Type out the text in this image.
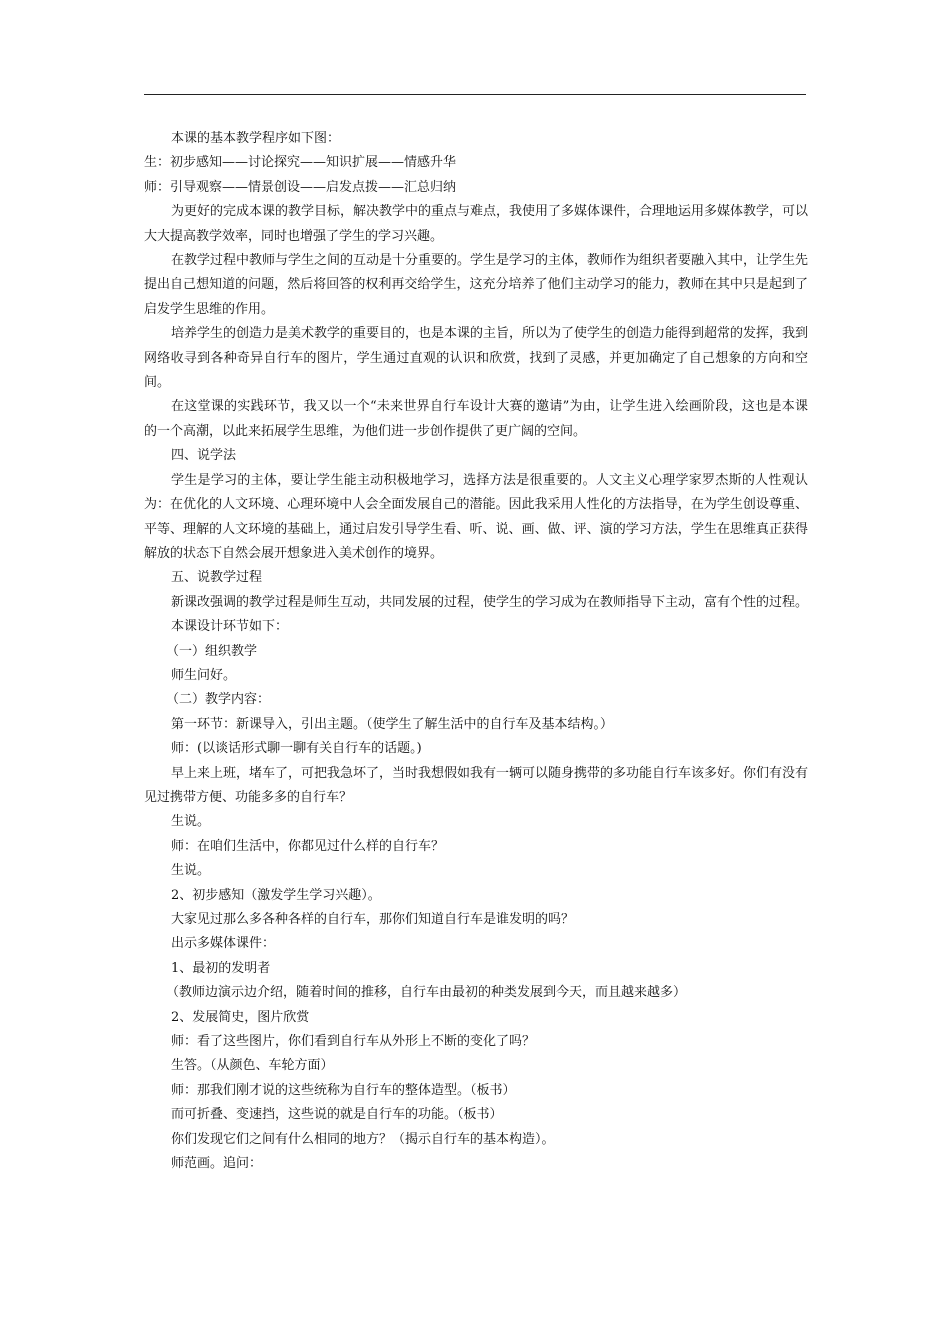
本课的基本教学程序如下图：

生：初步感知——讨论探究——知识扩展——情感升华

师：引导观察——情景创设——启发点拨——汇总归纳

为更好的完成本课的教学目标，解决教学中的重点与难点，我使用了多媒体课件，合理地运用多媒体教学，可以大大提高教学效率，同时也增强了学生的学习兴趣。

在教学过程中教师与学生之间的互动是十分重要的。学生是学习的主体，教师作为组织者要融入其中，让学生先提出自己想知道的问题，然后将回答的权利再交给学生，这充分培养了他们主动学习的能力，教师在其中只是起到了启发学生思维的作用。

培养学生的创造力是美术教学的重要目的，也是本课的主旨，所以为了使学生的创造力能得到超常的发挥，我到网络收寻到各种奇异自行车的图片，学生通过直观的认识和欣赏，找到了灵感，并更加确定了自己想象的方向和空间。

在这堂课的实践环节，我又以一个“未来世界自行车设计大赛的邀请”为由，让学生进入绘画阶段，这也是本课的一个高潮，以此来拓展学生思维，为他们进一步创作提供了更广阔的空间。

四、说学法

学生是学习的主体，要让学生能主动积极地学习，选择方法是很重要的。人文主义心理学家罗杰斯的人性观认为：在优化的人文环境、心理环境中人会全面发展自己的潜能。因此我采用人性化的方法指导，在为学生创设尊重、平等、理解的人文环境的基础上，通过启发引导学生看、听、说、画、做、评、演的学习方法，学生在思维真正获得解放的状态下自然会展开想象进入美术创作的境界。

五、说教学过程

新课改强调的教学过程是师生互动，共同发展的过程，使学生的学习成为在教师指导下主动，富有个性的过程。

本课设计环节如下：

（一）组织教学

师生问好。

（二）教学内容：

第一环节：新课导入，引出主题。（使学生了解生活中的自行车及基本结构。）

师：(以谈话形式聊一聊有关自行车的话题。)

早上来上班，堵车了，可把我急坏了，当时我想假如我有一辆可以随身携带的多功能自行车该多好。你们有没有见过携带方便、功能多多的自行车？

生说。

师：在咱们生活中，你都见过什么样的自行车？

生说。

2、初步感知（激发学生学习兴趣）。

大家见过那么多各种各样的自行车，那你们知道自行车是谁发明的吗？

出示多媒体课件：

1、最初的发明者

（教师边演示边介绍，随着时间的推移，自行车由最初的种类发展到今天，而且越来越多）

2、发展简史，图片欣赏

师：看了这些图片，你们看到自行车从外形上不断的变化了吗？

生答。（从颜色、车轮方面）

师：那我们刚才说的这些统称为自行车的整体造型。（板书）

而可折叠、变速挡，这些说的就是自行车的功能。（板书）

你们发现它们之间有什么相同的地方？（揭示自行车的基本构造）。

师范画。追问：
